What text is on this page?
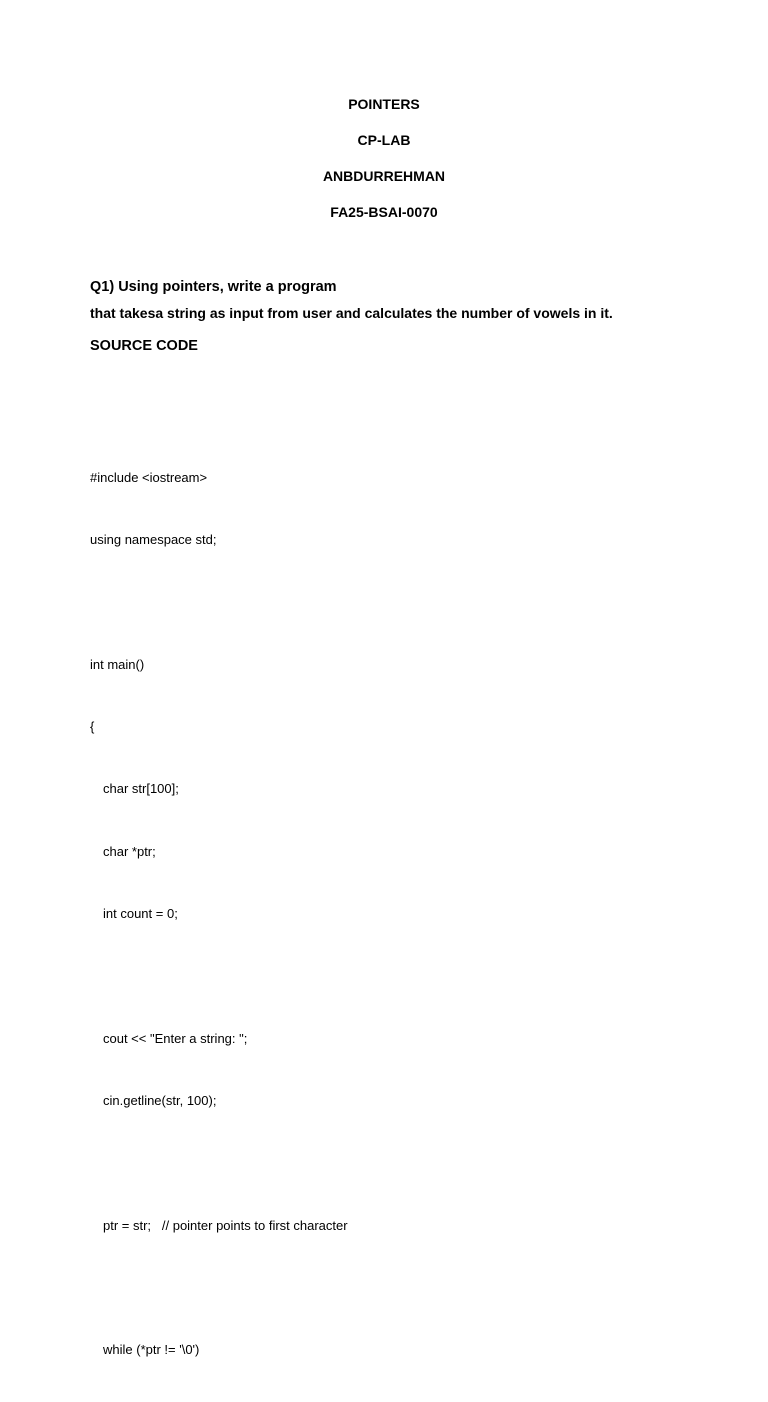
POINTERS
CP-LAB
ANBDURREHMAN
FA25-BSAI-0070
Q1) Using pointers, write a program
that takesa string as input from user and calculates the number of vowels in it.
SOURCE CODE

#include <iostream>

using namespace std;

int main()

{

char str[100];

char *ptr;

int count = 0;

cout << "Enter a string: ";

cin.getline(str, 100);

ptr = str;   // pointer points to first character

while (*ptr != '\0')
